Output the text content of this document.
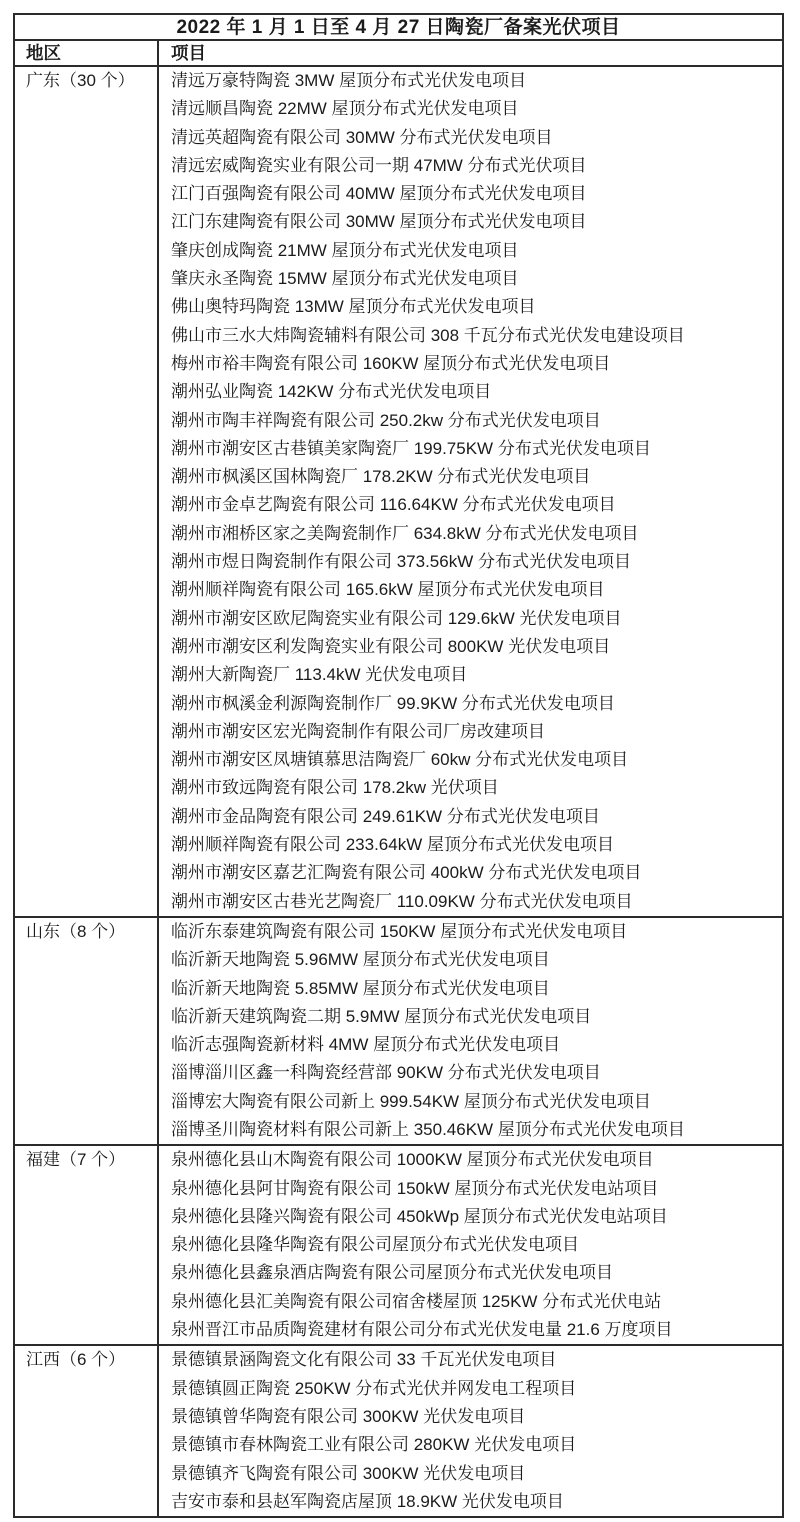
2022 年 1 月 1 日至 4 月 27 日陶瓷厂备案光伏项目
地区	项目
广东（30 个）	清远万豪特陶瓷 3MW 屋顶分布式光伏发电项目
清远顺昌陶瓷 22MW 屋顶分布式光伏发电项目
清远英超陶瓷有限公司 30MW 分布式光伏发电项目
清远宏威陶瓷实业有限公司一期 47MW 分布式光伏项目
江门百强陶瓷有限公司 40MW 屋顶分布式光伏发电项目
江门东建陶瓷有限公司 30MW 屋顶分布式光伏发电项目
肇庆创成陶瓷 21MW 屋顶分布式光伏发电项目
肇庆永圣陶瓷 15MW 屋顶分布式光伏发电项目
佛山奥特玛陶瓷 13MW 屋顶分布式光伏发电项目
佛山市三水大炜陶瓷辅料有限公司 308 千瓦分布式光伏发电建设项目
梅州市裕丰陶瓷有限公司 160KW 屋顶分布式光伏发电项目
潮州弘业陶瓷 142KW 分布式光伏发电项目
潮州市陶丰祥陶瓷有限公司 250.2kw 分布式光伏发电项目
潮州市潮安区古巷镇美家陶瓷厂 199.75KW 分布式光伏发电项目
潮州市枫溪区国林陶瓷厂 178.2KW 分布式光伏发电项目
潮州市金卓艺陶瓷有限公司 116.64KW 分布式光伏发电项目
潮州市湘桥区家之美陶瓷制作厂 634.8kW 分布式光伏发电项目
潮州市煜日陶瓷制作有限公司 373.56kW 分布式光伏发电项目
潮州顺祥陶瓷有限公司 165.6kW 屋顶分布式光伏发电项目
潮州市潮安区欧尼陶瓷实业有限公司 129.6kW 光伏发电项目
潮州市潮安区利发陶瓷实业有限公司 800KW 光伏发电项目
潮州大新陶瓷厂 113.4kW 光伏发电项目
潮州市枫溪金利源陶瓷制作厂 99.9KW 分布式光伏发电项目
潮州市潮安区宏光陶瓷制作有限公司厂房改建项目
潮州市潮安区凤塘镇慕思洁陶瓷厂 60kw 分布式光伏发电项目
潮州市致远陶瓷有限公司 178.2kw 光伏项目
潮州市金品陶瓷有限公司 249.61KW 分布式光伏发电项目
潮州顺祥陶瓷有限公司 233.64kW 屋顶分布式光伏发电项目
潮州市潮安区嘉艺汇陶瓷有限公司 400kW 分布式光伏发电项目
潮州市潮安区古巷光艺陶瓷厂 110.09KW 分布式光伏发电项目
山东（8 个）	临沂东泰建筑陶瓷有限公司 150KW 屋顶分布式光伏发电项目
临沂新天地陶瓷 5.96MW 屋顶分布式光伏发电项目
临沂新天地陶瓷 5.85MW 屋顶分布式光伏发电项目
临沂新天建筑陶瓷二期 5.9MW 屋顶分布式光伏发电项目
临沂志强陶瓷新材料 4MW 屋顶分布式光伏发电项目
淄博淄川区鑫一科陶瓷经营部 90KW 分布式光伏发电项目
淄博宏大陶瓷有限公司新上 999.54KW 屋顶分布式光伏发电项目
淄博圣川陶瓷材料有限公司新上 350.46KW 屋顶分布式光伏发电项目
福建（7 个）	泉州德化县山木陶瓷有限公司 1000KW 屋顶分布式光伏发电项目
泉州德化县阿甘陶瓷有限公司 150kW 屋顶分布式光伏发电站项目
泉州德化县隆兴陶瓷有限公司 450kWp 屋顶分布式光伏发电站项目
泉州德化县隆华陶瓷有限公司屋顶分布式光伏发电项目
泉州德化县鑫泉酒店陶瓷有限公司屋顶分布式光伏发电项目
泉州德化县汇美陶瓷有限公司宿舍楼屋顶 125KW 分布式光伏电站
泉州晋江市品质陶瓷建材有限公司分布式光伏发电量 21.6 万度项目
江西（6 个）	景德镇景涵陶瓷文化有限公司 33 千瓦光伏发电项目
景德镇圆正陶瓷 250KW 分布式光伏并网发电工程项目
景德镇曾华陶瓷有限公司 300KW 光伏发电项目
景德镇市春林陶瓷工业有限公司 280KW 光伏发电项目
景德镇齐飞陶瓷有限公司 300KW 光伏发电项目
吉安市泰和县赵军陶瓷店屋顶 18.9KW 光伏发电项目
